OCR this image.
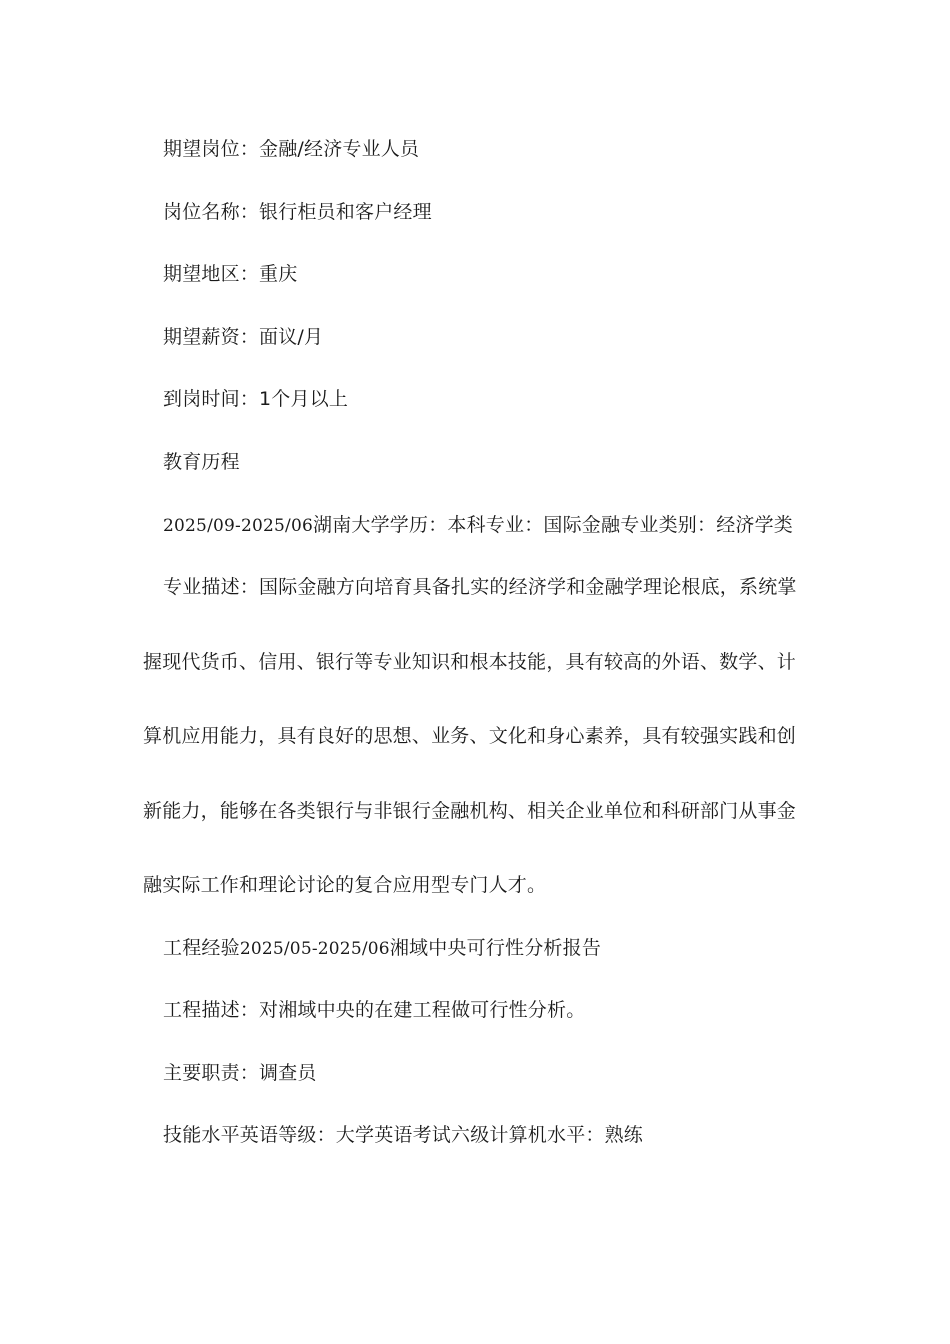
期望岗位：金融/经济专业人员
岗位名称：银行柜员和客户经理
期望地区：重庆
期望薪资：面议/月
到岗时间：1个月以上
教育历程
2025/09-2025/06湖南大学学历：本科专业：国际金融专业类别：经济学类
专业描述：国际金融方向培育具备扎实的经济学和金融学理论根底，系统掌
握现代货币、信用、银行等专业知识和根本技能，具有较高的外语、数学、计
算机应用能力，具有良好的思想、业务、文化和身心素养，具有较强实践和创
新能力，能够在各类银行与非银行金融机构、相关企业单位和科研部门从事金
融实际工作和理论讨论的复合应用型专门人才。
工程经验2025/05-2025/06湘域中央可行性分析报告
工程描述：对湘域中央的在建工程做可行性分析。
主要职责：调查员
技能水平英语等级：大学英语考试六级计算机水平：熟练
